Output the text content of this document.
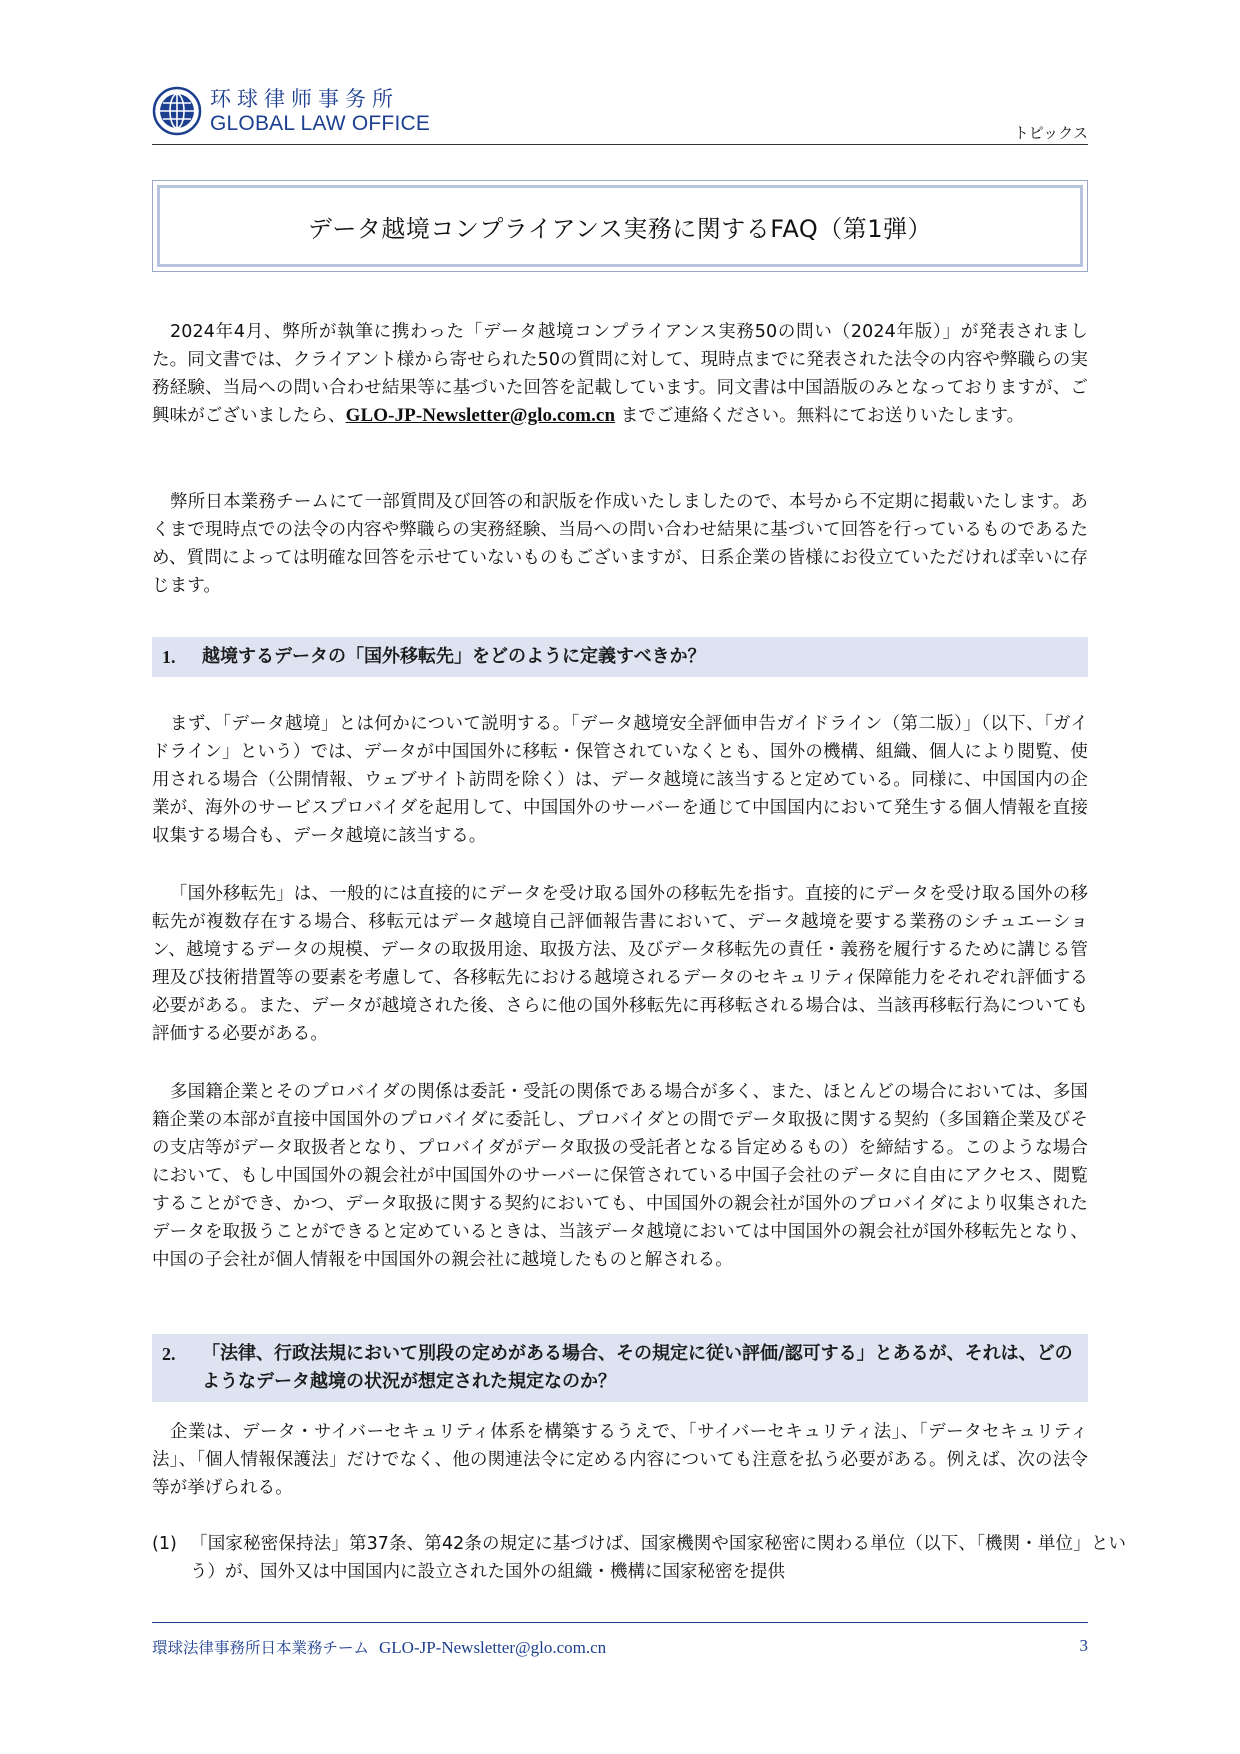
环球律师事务所
GLOBAL LAW OFFICE	トピックス
データ越境コンプライアンス実務に関するFAQ（第1弾）
2024年4月、弊所が執筆に携わった「データ越境コンプライアンス実務50の問い（2024年版）」が発表されました。同文書では、クライアント様から寄せられた50の質問に対して、現時点までに発表された法令の内容や弊職らの実務経験、当局への問い合わせ結果等に基づいた回答を記載しています。同文書は中国語版のみとなっておりますが、ご興味がございましたら、GLO-JP-Newsletter@glo.com.cn までご連絡ください。無料にてお送りいたします。
弊所日本業務チームにて一部質問及び回答の和訳版を作成いたしましたので、本号から不定期に掲載いたします。あくまで現時点での法令の内容や弊職らの実務経験、当局への問い合わせ結果に基づいて回答を行っているものであるため、質問によっては明確な回答を示せていないものもございますが、日系企業の皆様にお役立ていただければ幸いに存じます。
1. 越境するデータの「国外移転先」をどのように定義すべきか？
まず、「データ越境」とは何かについて説明する。「データ越境安全評価申告ガイドライン（第二版）」（以下、「ガイドライン」という）では、データが中国国外に移転・保管されていなくとも、国外の機構、組織、個人により閲覧、使用される場合（公開情報、ウェブサイト訪問を除く）は、データ越境に該当すると定めている。同様に、中国国内の企業が、海外のサービスプロバイダを起用して、中国国外のサーバーを通じて中国国内において発生する個人情報を直接収集する場合も、データ越境に該当する。
「国外移転先」は、一般的には直接的にデータを受け取る国外の移転先を指す。直接的にデータを受け取る国外の移転先が複数存在する場合、移転元はデータ越境自己評価報告書において、データ越境を要する業務のシチュエーション、越境するデータの規模、データの取扱用途、取扱方法、及びデータ移転先の責任・義務を履行するために講じる管理及び技術措置等の要素を考慮して、各移転先における越境されるデータのセキュリティ保障能力をそれぞれ評価する必要がある。また、データが越境された後、さらに他の国外移転先に再移転される場合は、当該再移転行為についても評価する必要がある。
多国籍企業とそのプロバイダの関係は委託・受託の関係である場合が多く、また、ほとんどの場合においては、多国籍企業の本部が直接中国国外のプロバイダに委託し、プロバイダとの間でデータ取扱に関する契約（多国籍企業及びその支店等がデータ取扱者となり、プロバイダがデータ取扱の受託者となる旨定めるもの）を締結する。このような場合において、もし中国国外の親会社が中国国外のサーバーに保管されている中国子会社のデータに自由にアクセス、閲覧することができ、かつ、データ取扱に関する契約においても、中国国外の親会社が国外のプロバイダにより収集されたデータを取扱うことができると定めているときは、当該データ越境においては中国国外の親会社が国外移転先となり、中国の子会社が個人情報を中国国外の親会社に越境したものと解される。
2. 「法律、行政法規において別段の定めがある場合、その規定に従い評価/認可する」とあるが、それは、どのようなデータ越境の状況が想定された規定なのか？
企業は、データ・サイバーセキュリティ体系を構築するうえで、「サイバーセキュリティ法」、「データセキュリティ法」、「個人情報保護法」だけでなく、他の関連法令に定める内容についても注意を払う必要がある。例えば、次の法令等が挙げられる。
(1) 「国家秘密保持法」第37条、第42条の規定に基づけば、国家機関や国家秘密に関わる単位（以下、「機関・単位」という）が、国外又は中国国内に設立された国外の組織・機構に国家秘密を提供
環球法律事務所日本業務チーム GLO-JP-Newsletter@glo.com.cn	3
